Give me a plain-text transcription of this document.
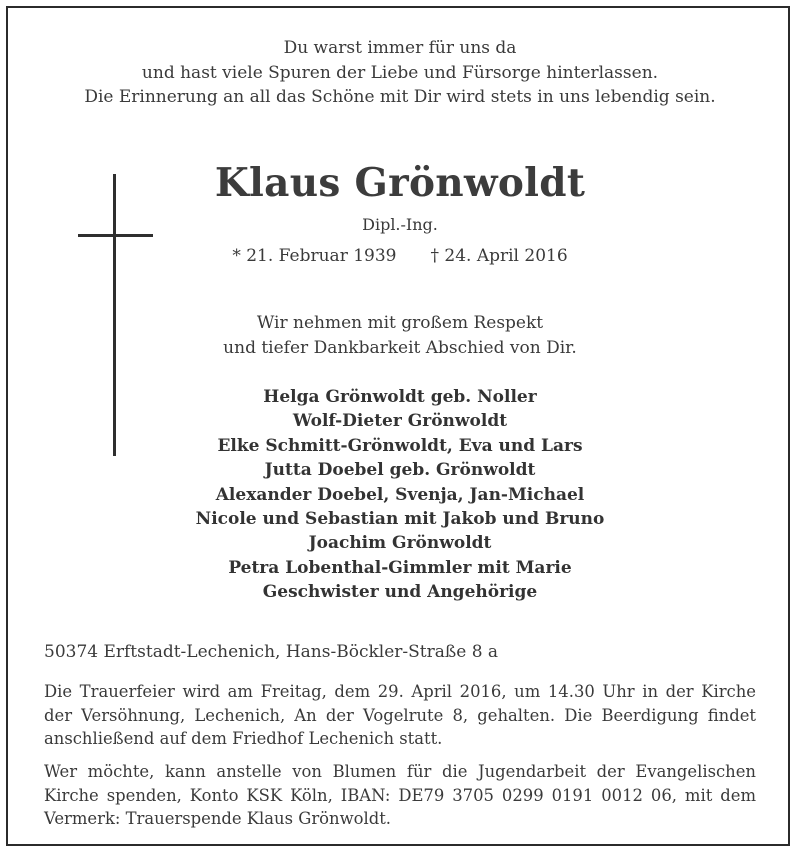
Du warst immer für uns da
und hast viele Spuren der Liebe und Fürsorge hinterlassen.
Die Erinnerung an all das Schöne mit Dir wird stets in uns lebendig sein.
Klaus Grönwoldt
Dipl.-Ing.
* 21. Februar 1939 † 24. April 2016
Wir nehmen mit großem Respekt
und tiefer Dankbarkeit Abschied von Dir.
Helga Grönwoldt geb. Noller
Wolf-Dieter Grönwoldt
Elke Schmitt-Grönwoldt, Eva und Lars
Jutta Doebel geb. Grönwoldt
Alexander Doebel, Svenja, Jan-Michael
Nicole und Sebastian mit Jakob und Bruno
Joachim Grönwoldt
Petra Lobenthal-Gimmler mit Marie
Geschwister und Angehörige
50374 Erftstadt-Lechenich, Hans-Böckler-Straße 8 a
Die Trauerfeier wird am Freitag, dem 29. April 2016, um 14.30 Uhr in der Kirche
der Versöhnung, Lechenich, An der Vogelrute 8, gehalten. Die Beerdigung findet
anschließend auf dem Friedhof Lechenich statt.
Wer möchte, kann anstelle von Blumen für die Jugendarbeit der Evangelischen
Kirche spenden, Konto KSK Köln, IBAN: DE79 3705 0299 0191 0012 06, mit dem
Vermerk: Trauerspende Klaus Grönwoldt.
